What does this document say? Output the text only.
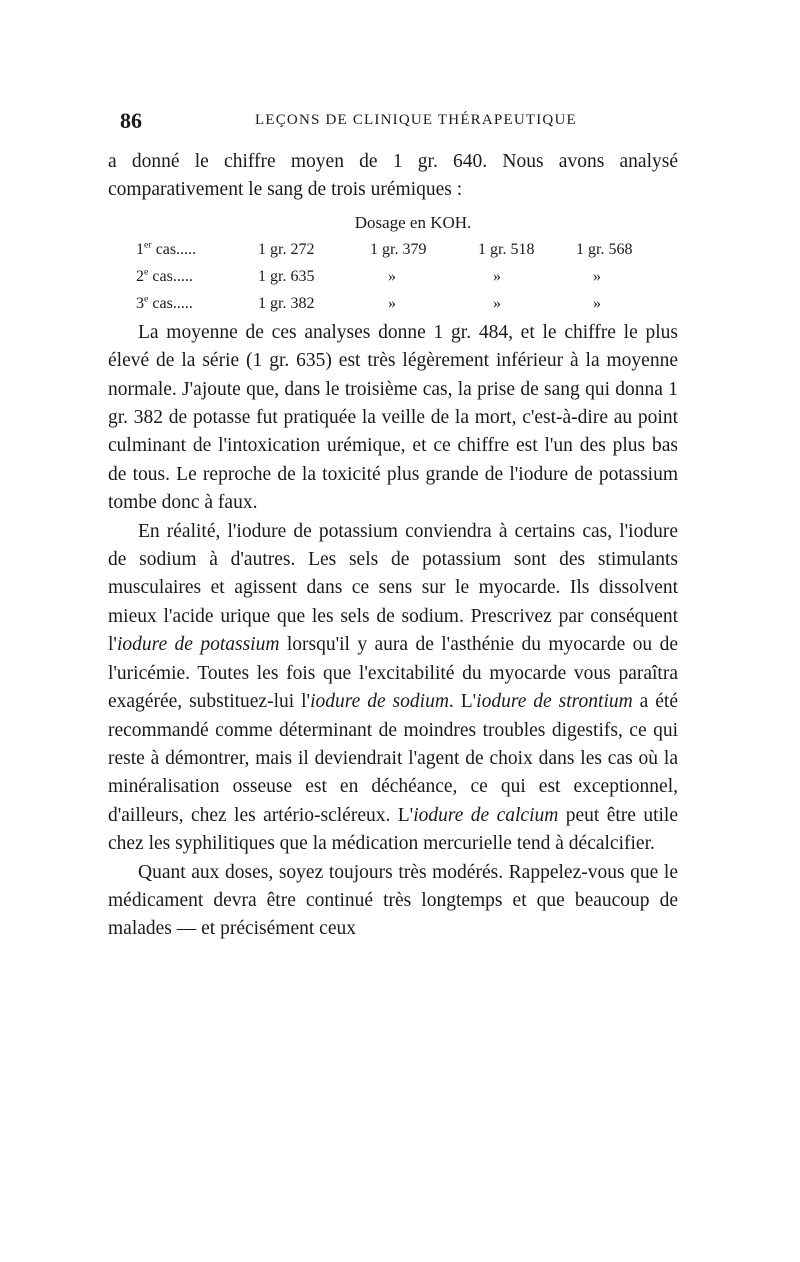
86	LEÇONS DE CLINIQUE THÉRAPEUTIQUE

a donné le chiffre moyen de 1 gr. 640. Nous avons analysé comparativement le sang de trois urémiques :

Dosage en KOH.
1er cas.....	1 gr. 272	1 gr. 379	1 gr. 518	1 gr. 568
2e cas.....	1 gr. 635	»	»	»
3e cas.....	1 gr. 382	»	»	»

La moyenne de ces analyses donne 1 gr. 484, et le chiffre le plus élevé de la série (1 gr. 635) est très légèrement inférieur à la moyenne normale. J'ajoute que, dans le troisième cas, la prise de sang qui donna 1 gr. 382 de potasse fut pratiquée la veille de la mort, c'est-à-dire au point culminant de l'intoxication urémique, et ce chiffre est l'un des plus bas de tous. Le reproche de la toxicité plus grande de l'iodure de potassium tombe donc à faux.

En réalité, l'iodure de potassium conviendra à certains cas, l'iodure de sodium à d'autres. Les sels de potassium sont des stimulants musculaires et agissent dans ce sens sur le myocarde. Ils dissolvent mieux l'acide urique que les sels de sodium. Prescrivez par conséquent l'iodure de potassium lorsqu'il y aura de l'asthénie du myocarde ou de l'uricémie. Toutes les fois que l'excitabilité du myocarde vous paraîtra exagérée, substituez-lui l'iodure de sodium. L'iodure de strontium a été recommandé comme déterminant de moindres troubles digestifs, ce qui reste à démontrer, mais il deviendrait l'agent de choix dans les cas où la minéralisation osseuse est en déchéance, ce qui est exceptionnel, d'ailleurs, chez les artério-scléreux. L'iodure de calcium peut être utile chez les syphilitiques que la médication mercurielle tend à décalcifier.

Quant aux doses, soyez toujours très modérés. Rappelez-vous que le médicament devra être continué très longtemps et que beaucoup de malades — et précisément ceux
